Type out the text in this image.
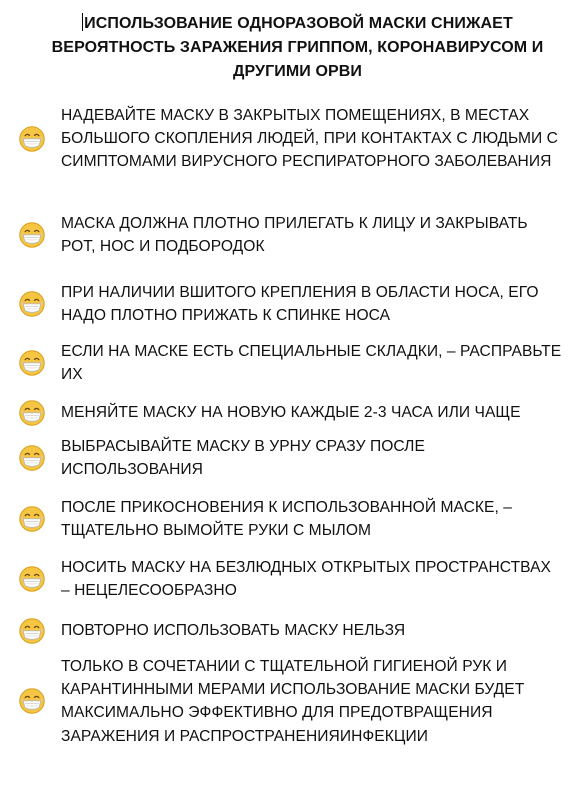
ИСПОЛЬЗОВАНИЕ ОДНОРАЗОВОЙ МАСКИ СНИЖАЕТ ВЕРОЯТНОСТЬ ЗАРАЖЕНИЯ ГРИППОМ, КОРОНАВИРУСОМ И ДРУГИМИ ОРВИ
НАДЕВАЙТЕ МАСКУ В ЗАКРЫТЫХ ПОМЕЩЕНИЯХ, В МЕСТАХ БОЛЬШОГО СКОПЛЕНИЯ ЛЮДЕЙ, ПРИ КОНТАКТАХ С ЛЮДЬМИ С СИМПТОМАМИ ВИРУСНОГО РЕСПИРАТОРНОГО ЗАБОЛЕВАНИЯ
МАСКА ДОЛЖНА ПЛОТНО ПРИЛЕГАТЬ К ЛИЦУ И ЗАКРЫВАТЬ РОТ, НОС И ПОДБОРОДОК
ПРИ НАЛИЧИИ ВШИТОГО КРЕПЛЕНИЯ В ОБЛАСТИ НОСА, ЕГО НАДО ПЛОТНО ПРИЖАТЬ К СПИНКЕ НОСА
ЕСЛИ НА МАСКЕ ЕСТЬ СПЕЦИАЛЬНЫЕ СКЛАДКИ, – РАСПРАВЬТЕ ИХ
МЕНЯЙТЕ МАСКУ НА НОВУЮ КАЖДЫЕ 2-3 ЧАСА ИЛИ ЧАЩЕ
ВЫБРАСЫВАЙТЕ МАСКУ В УРНУ СРАЗУ ПОСЛЕ ИСПОЛЬЗОВАНИЯ
ПОСЛЕ ПРИКОСНОВЕНИЯ К ИСПОЛЬЗОВАННОЙ МАСКЕ, – ТЩАТЕЛЬНО ВЫМОЙТЕ РУКИ С МЫЛОМ
НОСИТЬ МАСКУ НА БЕЗЛЮДНЫХ ОТКРЫТЫХ ПРОСТРАНСТВАХ – НЕЦЕЛЕСООБРАЗНО
ПОВТОРНО ИСПОЛЬЗОВАТЬ МАСКУ НЕЛЬЗЯ
ТОЛЬКО В СОЧЕТАНИИ С ТЩАТЕЛЬНОЙ ГИГИЕНОЙ РУК И КАРАНТИННЫМИ МЕРАМИ ИСПОЛЬЗОВАНИЕ МАСКИ БУДЕТ МАКСИМАЛЬНО ЭФФЕКТИВНО ДЛЯ ПРЕДОТВРАЩЕНИЯ ЗАРАЖЕНИЯ И РАСПРОСТРАНЕНИЯИНФЕКЦИИ
